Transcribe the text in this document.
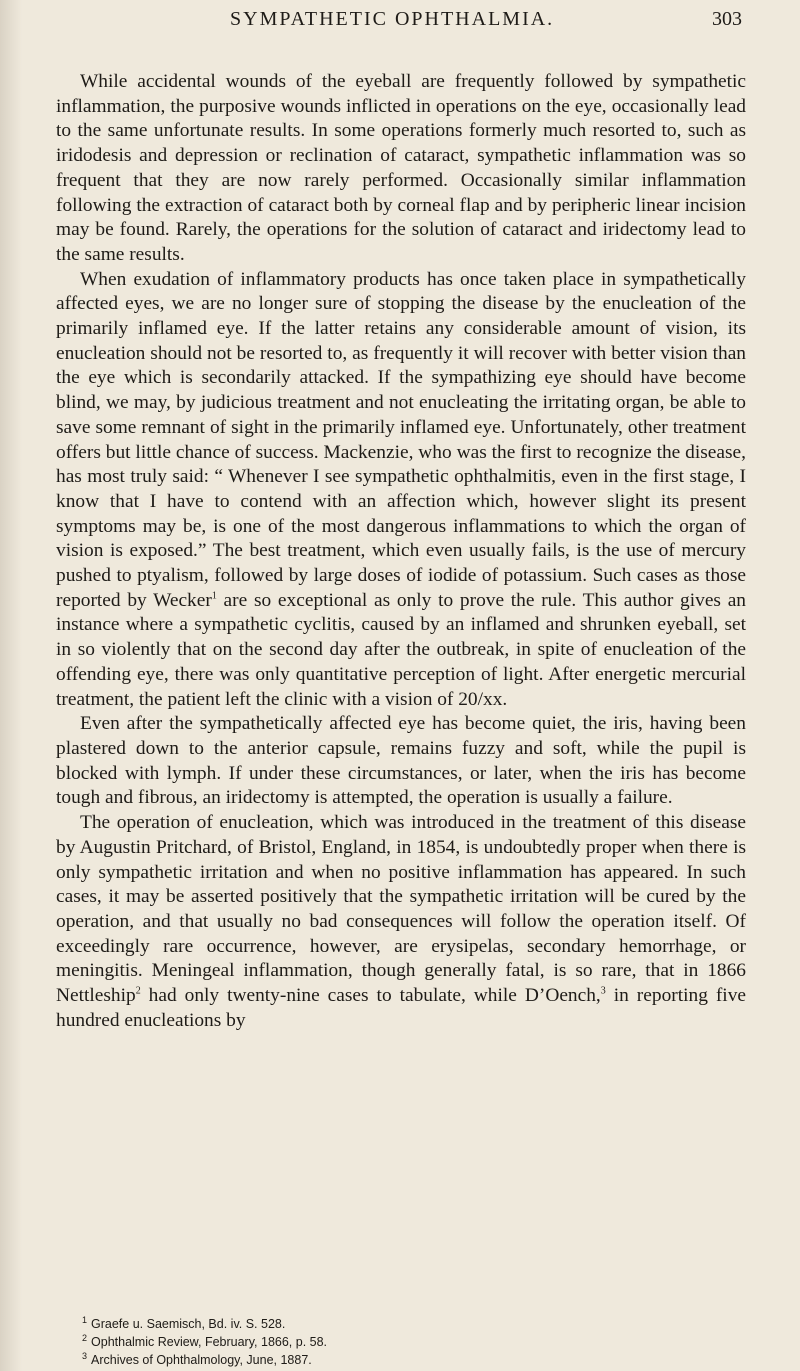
SYMPATHETIC OPHTHALMIA.	303

While accidental wounds of the eyeball are frequently followed by sympathetic inflammation, the purposive wounds inflicted in operations on the eye, occasionally lead to the same unfortunate results. In some operations formerly much resorted to, such as iridodesis and depression or reclination of cataract, sympathetic inflammation was so frequent that they are now rarely performed. Occasionally similar inflammation following the extraction of cataract both by corneal flap and by peripheric linear incision may be found. Rarely, the operations for the solution of cataract and iridectomy lead to the same results.

When exudation of inflammatory products has once taken place in sympathetically affected eyes, we are no longer sure of stopping the disease by the enucleation of the primarily inflamed eye. If the latter retains any considerable amount of vision, its enucleation should not be resorted to, as frequently it will recover with better vision than the eye which is secondarily attacked. If the sympathizing eye should have become blind, we may, by judicious treatment and not enucleating the irritating organ, be able to save some remnant of sight in the primarily inflamed eye. Unfortunately, other treatment offers but little chance of success. Mackenzie, who was the first to recognize the disease, has most truly said: “ Whenever I see sympathetic ophthalmitis, even in the first stage, I know that I have to contend with an affection which, however slight its present symptoms may be, is one of the most dangerous inflammations to which the organ of vision is exposed.” The best treatment, which even usually fails, is the use of mercury pushed to ptyalism, followed by large doses of iodide of potassium. Such cases as those reported by Wecker$^1$ are so exceptional as only to prove the rule. This author gives an instance where a sympathetic cyclitis, caused by an inflamed and shrunken eyeball, set in so violently that on the second day after the outbreak, in spite of enucleation of the offending eye, there was only quantitative perception of light. After energetic mercurial treatment, the patient left the clinic with a vision of 20/xx.

Even after the sympathetically affected eye has become quiet, the iris, having been plastered down to the anterior capsule, remains fuzzy and soft, while the pupil is blocked with lymph. If under these circumstances, or later, when the iris has become tough and fibrous, an iridectomy is attempted, the operation is usually a failure.

The operation of enucleation, which was introduced in the treatment of this disease by Augustin Pritchard, of Bristol, England, in 1854, is undoubtedly proper when there is only sympathetic irritation and when no positive inflammation has appeared. In such cases, it may be asserted positively that the sympathetic irritation will be cured by the operation, and that usually no bad consequences will follow the operation itself. Of exceedingly rare occurrence, however, are erysipelas, secondary hemorrhage, or meningitis. Meningeal inflammation, though generally fatal, is so rare, that in 1866 Nettleship$^2$ had only twenty-nine cases to tabulate, while D’Oench,$^3$ in reporting five hundred enucleations by

$^1$ Graefe u. Saemisch, Bd. iv. S. 528.
$^2$ Ophthalmic Review, February, 1866, p. 58.
$^3$ Archives of Ophthalmology, June, 1887.
